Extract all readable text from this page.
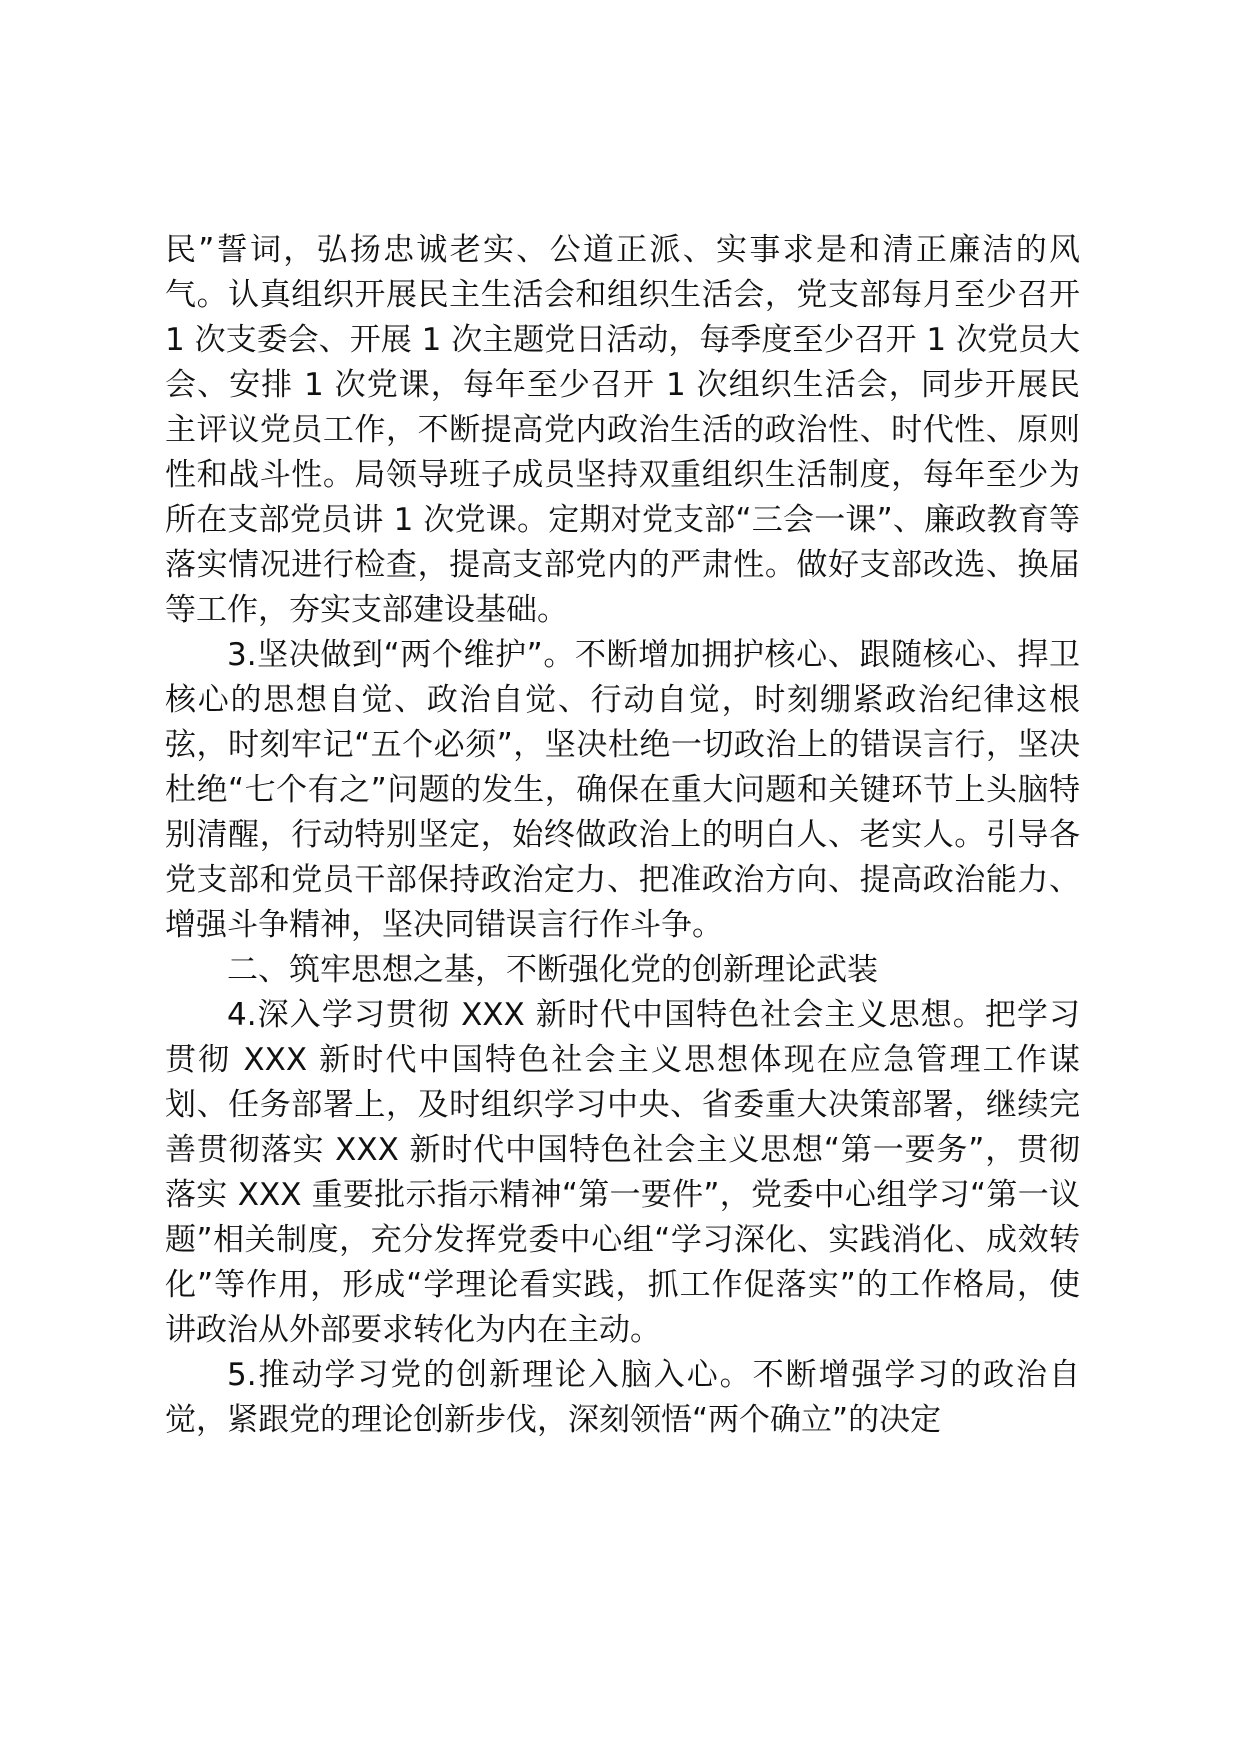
民”誓词，弘扬忠诚老实、公道正派、实事求是和清正廉洁的风气。认真组织开展民主生活会和组织生活会，党支部每月至少召开 1 次支委会、开展 1 次主题党日活动，每季度至少召开 1 次党员大会、安排 1 次党课，每年至少召开 1 次组织生活会，同步开展民主评议党员工作，不断提高党内政治生活的政治性、时代性、原则性和战斗性。局领导班子成员坚持双重组织生活制度，每年至少为所在支部党员讲 1 次党课。定期对党支部“三会一课”、廉政教育等落实情况进行检查，提高支部党内的严肃性。做好支部改选、换届等工作，夯实支部建设基础。

3.坚决做到“两个维护”。不断增加拥护核心、跟随核心、捍卫核心的思想自觉、政治自觉、行动自觉，时刻绷紧政治纪律这根弦，时刻牢记“五个必须”，坚决杜绝一切政治上的错误言行，坚决杜绝“七个有之”问题的发生，确保在重大问题和关键环节上头脑特别清醒，行动特别坚定，始终做政治上的明白人、老实人。引导各党支部和党员干部保持政治定力、把准政治方向、提高政治能力、增强斗争精神，坚决同错误言行作斗争。

二、筑牢思想之基，不断强化党的创新理论武装

4.深入学习贯彻 XXX 新时代中国特色社会主义思想。把学习贯彻 XXX 新时代中国特色社会主义思想体现在应急管理工作谋划、任务部署上，及时组织学习中央、省委重大决策部署，继续完善贯彻落实 XXX 新时代中国特色社会主义思想“第一要务”，贯彻落实 XXX 重要批示指示精神“第一要件”，党委中心组学习“第一议题”相关制度，充分发挥党委中心组“学习深化、实践消化、成效转化”等作用，形成“学理论看实践，抓工作促落实”的工作格局，使讲政治从外部要求转化为内在主动。

5.推动学习党的创新理论入脑入心。不断增强学习的政治自觉，紧跟党的理论创新步伐，深刻领悟“两个确立”的决定
